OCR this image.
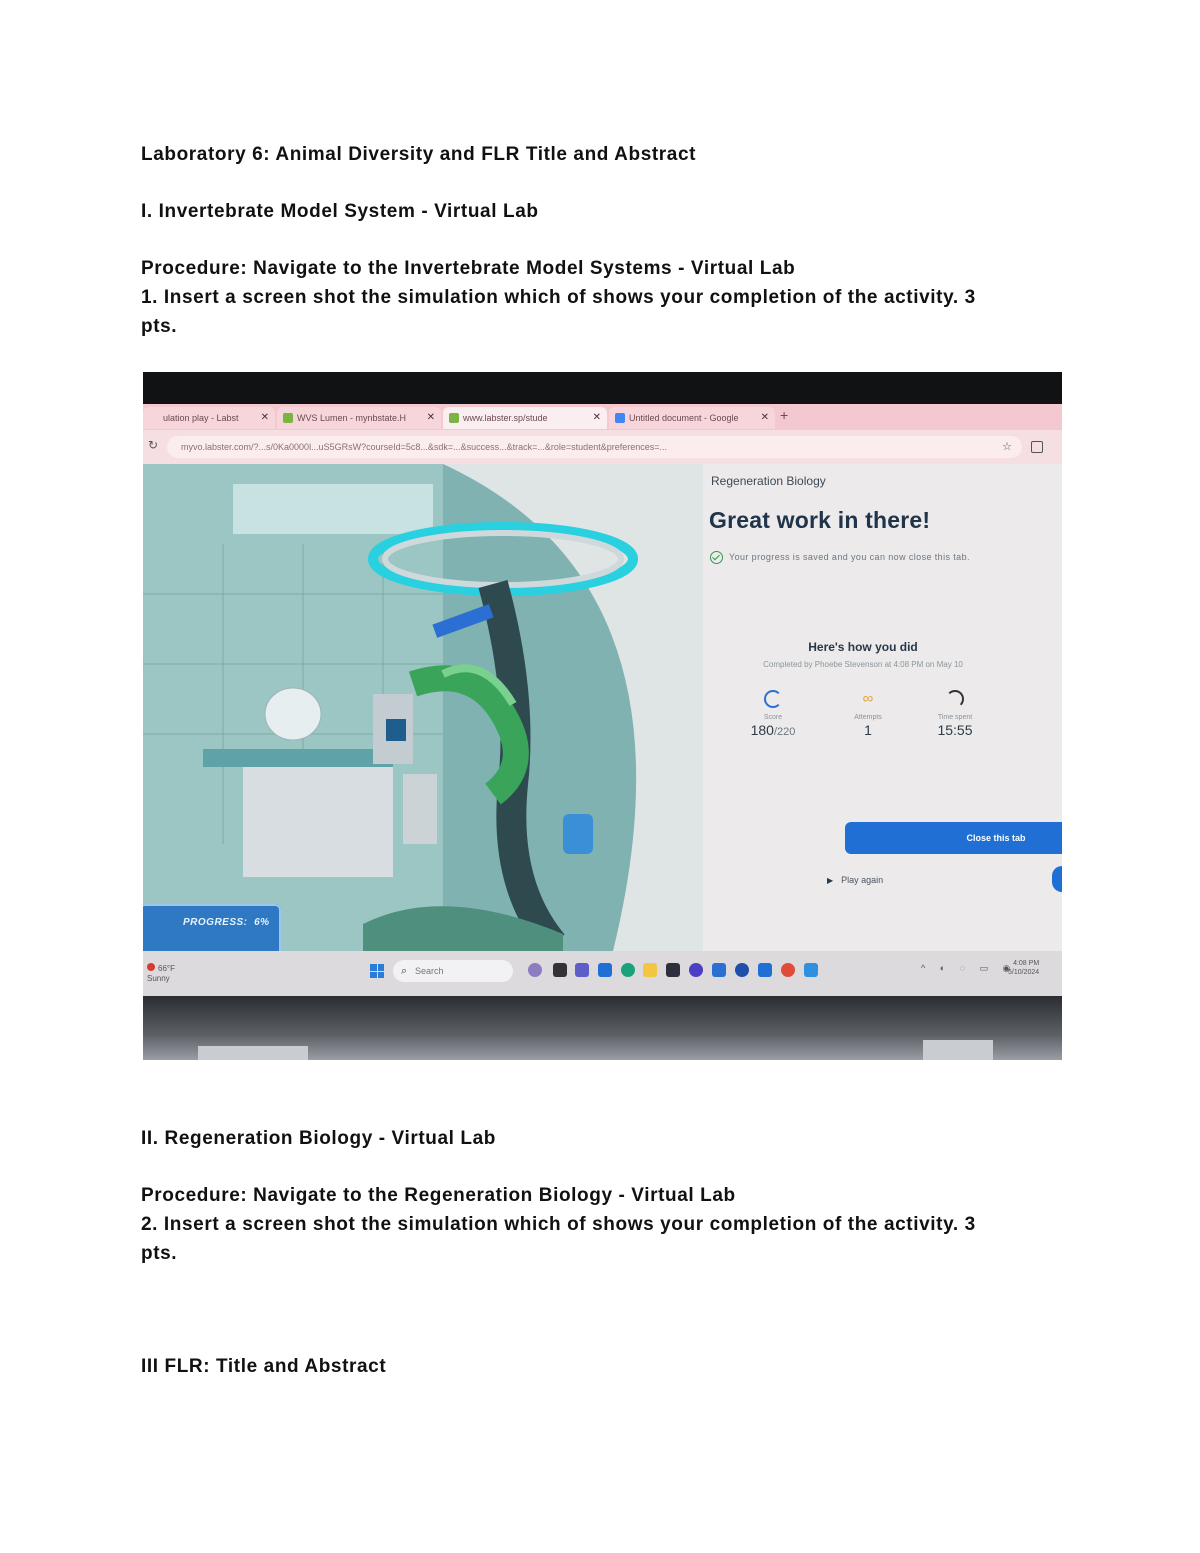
Laboratory 6: Animal Diversity and FLR Title and Abstract

I. Invertebrate Model System - Virtual Lab

Procedure: Navigate to the Invertebrate Model Systems - Virtual Lab

1. Insert a screen shot the simulation which of shows your completion of the activity. 3

pts.

ulation play - Labst ✕	WVS Lumen - mynbstate.H ✕	www.labster.sp/stude	✕	Untitled document - Google ✕ +
↻	myvo.labster.com/?...s/0Ka0000l...uS5GRsW?courseId=5c8...&sdk=...&success...&track=...&role=student&preferences=...	☆
PROGRESS: 6%
Regeneration Biology
Great work in there!
Your progress is saved and you can now close this tab.
Here's how you did
Completed by Phoebe Stevenson at 4:08 PM on May 10
Score
180/220
∞
Attempts
1
Time spent
15:55
Close this tab
▶ Play again
66°F
Sunny
⌕ Search	^ ◐ ◌ ▭ ◉
4:08 PM
5/10/2024

II. Regeneration Biology - Virtual Lab

Procedure: Navigate to the Regeneration Biology - Virtual Lab

2. Insert a screen shot the simulation which of shows your completion of the activity. 3

pts.

III FLR: Title and Abstract
